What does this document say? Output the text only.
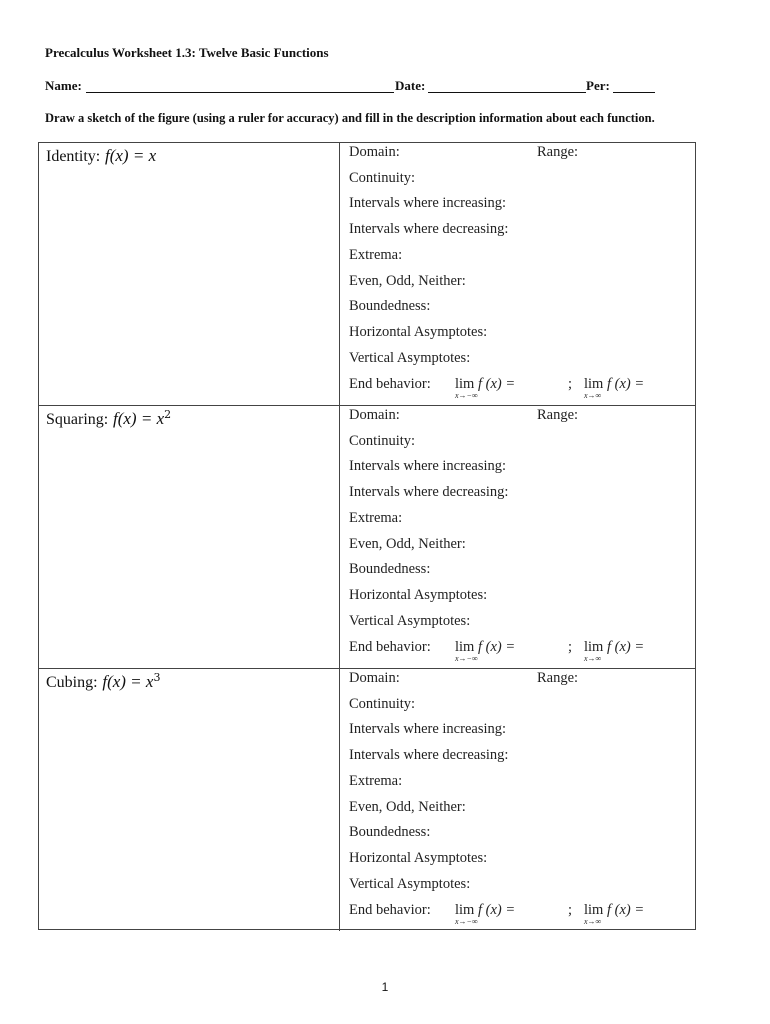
Precalculus Worksheet 1.3: Twelve Basic Functions
Name:	Date:	Per:
Draw a sketch of the figure (using a ruler for accuracy) and fill in the description information about each function.
Identity: f(x) = x	Domain:	Range:
Continuity:
Intervals where increasing:
Intervals where decreasing:
Extrema:
Even, Odd, Neither:
Boundedness:
Horizontal Asymptotes:
Vertical Asymptotes:
End behavior: lim f (x) =
x→−∞
; lim f (x) =
x→∞
Squaring: $f(x) = x^2$	Domain:	Range:
Continuity:
Intervals where increasing:
Intervals where decreasing:
Extrema:
Even, Odd, Neither:
Boundedness:
Horizontal Asymptotes:
Vertical Asymptotes:
End behavior: lim f (x) =
x→−∞
; lim f (x) =
x→∞
Cubing: $f(x) = x^3$	Domain:	Range:
Continuity:
Intervals where increasing:
Intervals where decreasing:
Extrema:
Even, Odd, Neither:
Boundedness:
Horizontal Asymptotes:
Vertical Asymptotes:
End behavior: lim f (x) =
x→−∞
; lim f (x) =
x→∞
1
